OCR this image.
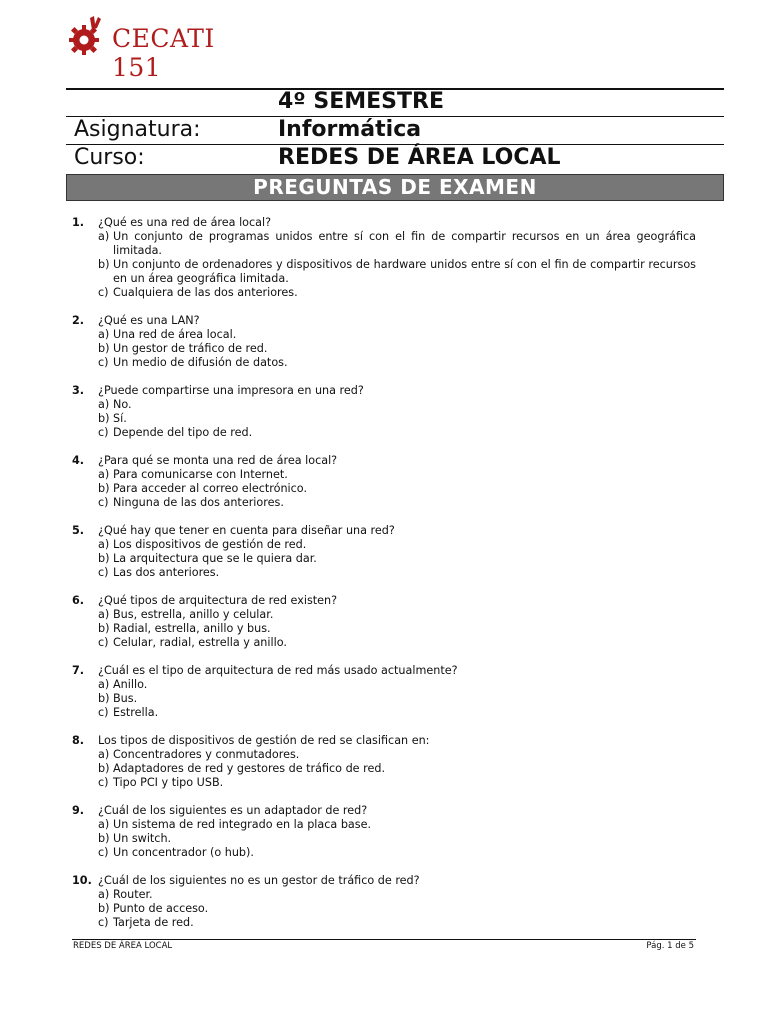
CECATI 151
4º SEMESTRE
Asignatura:	Informática
Curso:	REDES DE ÁREA LOCAL
PREGUNTAS DE EXAMEN
1.	¿Qué es una red de área local?
a) Un conjunto de programas unidos entre sí con el fin de compartir recursos en un área geográfica limitada.
b) Un conjunto de ordenadores y dispositivos de hardware unidos entre sí con el fin de compartir recursos en un área geográfica limitada.
c) Cualquiera de las dos anteriores.
2.	¿Qué es una LAN?
a) Una red de área local.
b) Un gestor de tráfico de red.
c) Un medio de difusión de datos.
3.	¿Puede compartirse una impresora en una red?
a) No.
b) Sí.
c) Depende del tipo de red.
4.	¿Para qué se monta una red de área local?
a) Para comunicarse con Internet.
b) Para acceder al correo electrónico.
c) Ninguna de las dos anteriores.
5.	¿Qué hay que tener en cuenta para diseñar una red?
a) Los dispositivos de gestión de red.
b) La arquitectura que se le quiera dar.
c) Las dos anteriores.
6.	¿Qué tipos de arquitectura de red existen?
a) Bus, estrella, anillo y celular.
b) Radial, estrella, anillo y bus.
c) Celular, radial, estrella y anillo.
7.	¿Cuál es el tipo de arquitectura de red más usado actualmente?
a) Anillo.
b) Bus.
c) Estrella.
8.	Los tipos de dispositivos de gestión de red se clasifican en:
a) Concentradores y conmutadores.
b) Adaptadores de red y gestores de tráfico de red.
c) Tipo PCI y tipo USB.
9.	¿Cuál de los siguientes es un adaptador de red?
a) Un sistema de red integrado en la placa base.
b) Un switch.
c) Un concentrador (o hub).
10. ¿Cuál de los siguientes no es un gestor de tráfico de red?
a) Router.
b) Punto de acceso.
c) Tarjeta de red.
REDES DE ÁREA LOCAL	Pág. 1 de 5
